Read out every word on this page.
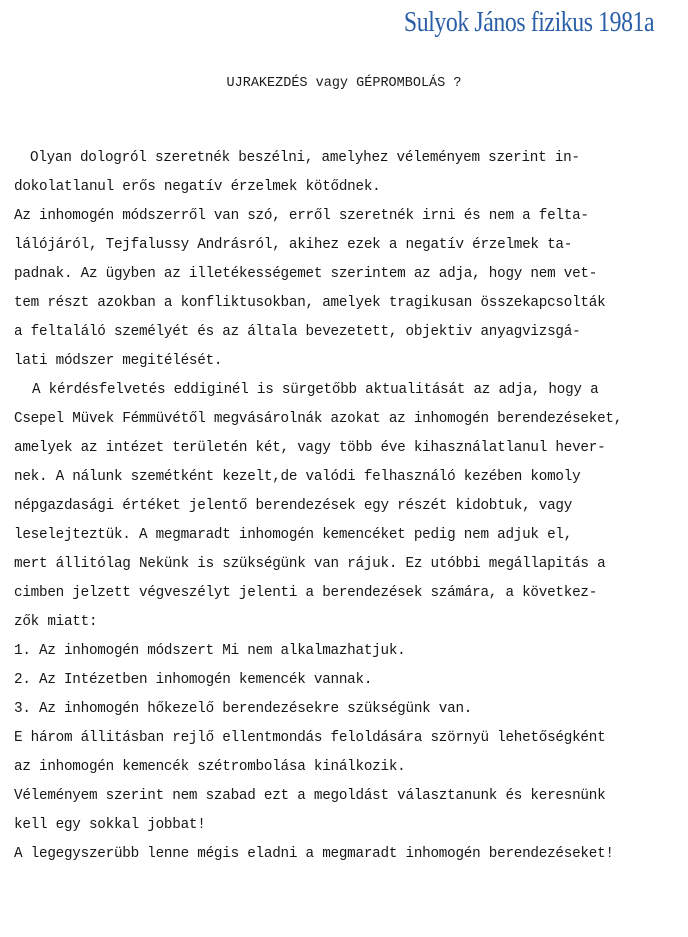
Sulyok János fizikus 1981a
UJRAKEZDÉS vagy GÉPROMBOLÁS ?
Olyan dologról szeretnék beszélni, amelyhez véleményem szerint in-
dokolatlanul erős negatív érzelmek kötődnek.
Az inhomogén módszerről van szó, erről szeretnék irni és nem a felta-
lálójáról, Tejfalussy Andrásról, akihez ezek a negatív érzelmek ta-
padnak. Az ügyben az illetékességemet szerintem az adja, hogy nem vet-
tem részt azokban a konfliktusokban, amelyek tragikusan összekapcsolták
a feltaláló személyét és az általa bevezetett, objektiv anyagvizsgá-
lati módszer megitélését.
A kérdésfelvetés eddiginél is sürgetőbb aktualitását az adja, hogy a
Csepel Müvek Fémmüvétől megvásárolnák azokat az inhomogén berendezéseket,
amelyek az intézet területén két, vagy több éve kihasználatlanul hever-
nek. A nálunk szemétként kezelt,de valódi felhasználó kezében komoly
népgazdasági értéket jelentő berendezések egy részét kidobtuk, vagy
leselejteztük. A megmaradt inhomogén kemencéket pedig nem adjuk el,
mert állitólag Nekünk is szükségünk van rájuk. Ez utóbbi megállapitás a
cimben jelzett végveszélyt jelenti a berendezések számára, a következ-
zők miatt:
1. Az inhomogén módszert Mi nem alkalmazhatjuk.
2. Az Intézetben inhomogén kemencék vannak.
3. Az inhomogén hőkezelő berendezésekre szükségünk van.
E három állitásban rejlő ellentmondás feloldására szörnyü lehetőségként
az inhomogén kemencék szétrombolása kinálkozik.
Véleményem szerint nem szabad ezt a megoldást választanunk és keresnünk
kell egy sokkal jobbat!
A legegyszerübb lenne mégis eladni a megmaradt inhomogén berendezéseket!
